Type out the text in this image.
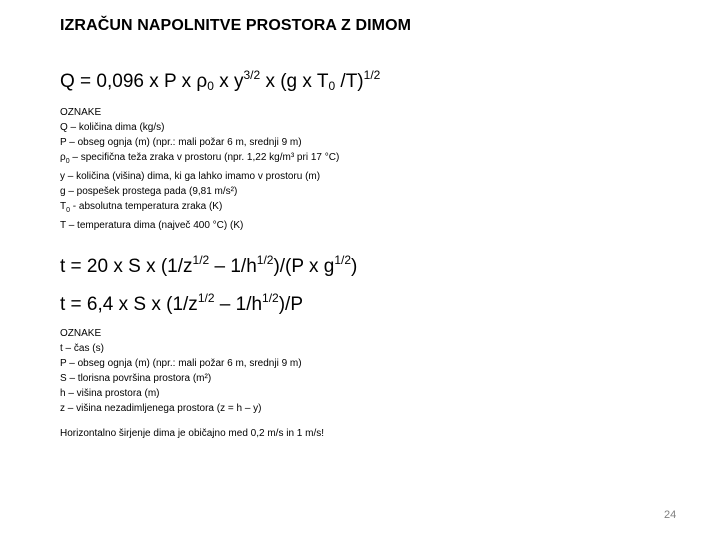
IZRAČUN NAPOLNITVE PROSTORA Z DIMOM
Q = 0,096 x P x $\rho_0$ x $y^{3/2}$ x (g x $T_0$ /T)$^{1/2}$
OZNAKE
Q – količina dima (kg/s)
P – obseg ognja (m) (npr.: mali požar 6 m, srednji 9 m)
$\rho_0$ – specifična teža zraka v prostoru (npr. 1,22 kg/m³ pri 17 °C)
y – količina (višina) dima, ki ga lahko imamo v prostoru (m)
g – pospešek prostega pada (9,81 m/s²)
$T_0$ - absolutna temperatura zraka (K)
T – temperatura dima (največ 400 °C) (K)
t = 20 x S x $(1/z^{1/2} - 1/h^{1/2})/(P$ x $g^{1/2}$)
t = 6,4 x S x $(1/z^{1/2} - 1/h^{1/2})/P$
OZNAKE
t – čas (s)
P – obseg ognja (m) (npr.: mali požar 6 m, srednji 9 m)
S – tlorisna površina prostora (m²)
h – višina prostora (m)
z – višina nezadimljenega prostora (z = h – y)
Horizontalno širjenje dima je običajno med 0,2 m/s in 1 m/s!
24
